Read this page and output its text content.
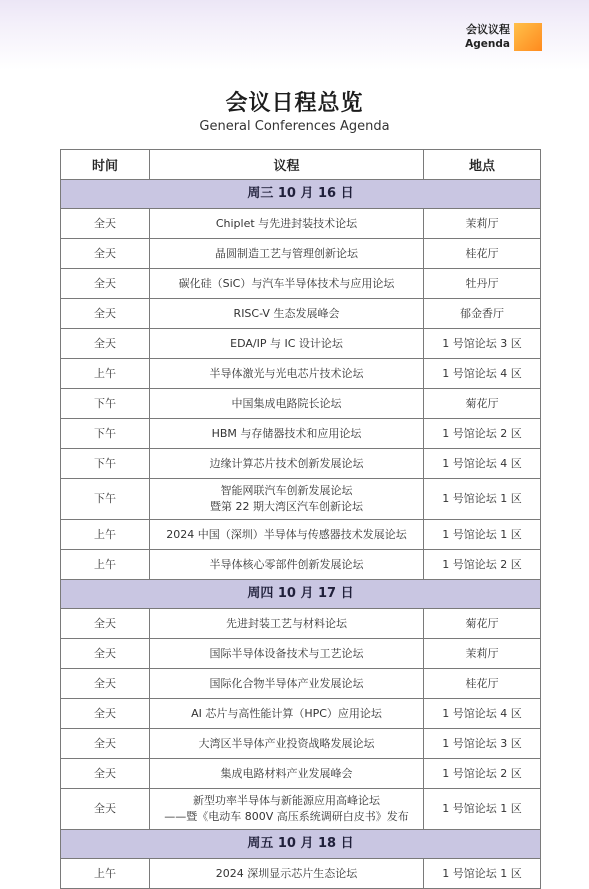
会议议程
Agenda
会议日程总览
General Conferences Agenda
时间	议程	地点
周三 10 月 16 日		
全天	Chiplet 与先进封装技术论坛	茉莉厅
全天	晶圆制造工艺与管理创新论坛	桂花厅
全天	碳化硅（SiC）与汽车半导体技术与应用论坛	牡丹厅
全天	RISC-V 生态发展峰会	郁金香厅
全天	EDA/IP 与 IC 设计论坛	1 号馆论坛 3 区
上午	半导体激光与光电芯片技术论坛	1 号馆论坛 4 区
下午	中国集成电路院长论坛	菊花厅
下午	HBM 与存储器技术和应用论坛	1 号馆论坛 2 区
下午	边缘计算芯片技术创新发展论坛	1 号馆论坛 4 区
下午	智能网联汽车创新发展论坛
暨第 22 期大湾区汽车创新论坛	1 号馆论坛 1 区
上午	2024 中国（深圳）半导体与传感器技术发展论坛	1 号馆论坛 1 区
上午	半导体核心零部件创新发展论坛	1 号馆论坛 2 区
周四 10 月 17 日		
全天	先进封装工艺与材料论坛	菊花厅
全天	国际半导体设备技术与工艺论坛	茉莉厅
全天	国际化合物半导体产业发展论坛	桂花厅
全天	AI 芯片与高性能计算（HPC）应用论坛	1 号馆论坛 4 区
全天	大湾区半导体产业投资战略发展论坛	1 号馆论坛 3 区
全天	集成电路材料产业发展峰会	1 号馆论坛 2 区
全天	新型功率半导体与新能源应用高峰论坛
——暨《电动车 800V 高压系统调研白皮书》发布	1 号馆论坛 1 区
周五 10 月 18 日		
上午	2024 深圳显示芯片生态论坛	1 号馆论坛 1 区
